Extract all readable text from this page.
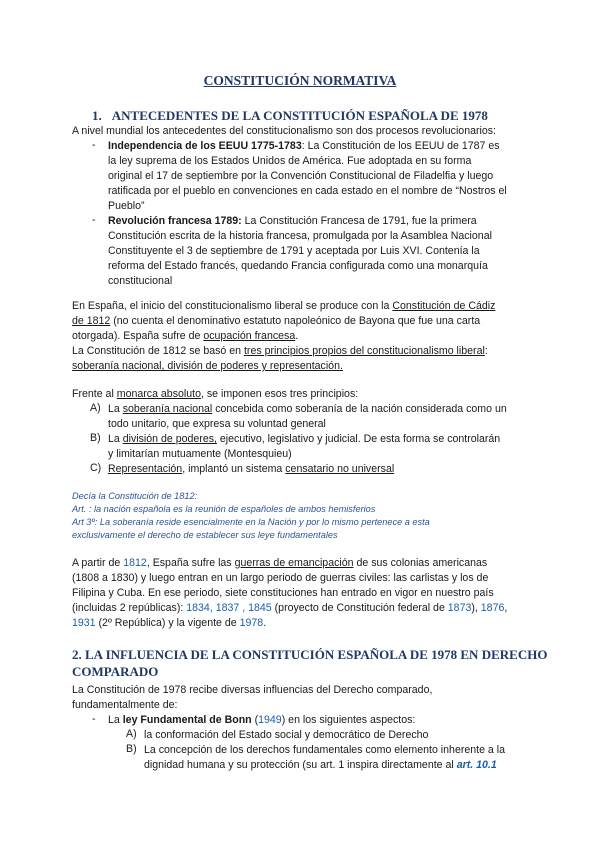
CONSTITUCIÓN NORMATIVA
1. ANTECEDENTES DE LA CONSTITUCIÓN ESPAÑOLA DE 1978
A nivel mundial los antecedentes del constitucionalismo son dos procesos revolucionarios:
- Independencia de los EEUU 1775-1783: La Constitución de los EEUU de 1787 es
la ley suprema de los Estados Unidos de América. Fue adoptada en su forma
original el 17 de septiembre por la Convención Constitucional de Filadelfia y luego
ratificada por el pueblo en convenciones en cada estado en el nombre de “Nostros el
Pueblo”
- Revolución francesa 1789: La Constitución Francesa de 1791, fue la primera
Constitución escrita de la historia francesa, promulgada por la Asamblea Nacional
Constituyente el 3 de septiembre de 1791 y aceptada por Luis XVI. Contenía la
reforma del Estado francés, quedando Francia configurada como una monarquía
constitucional
En España, el inicio del constitucionalismo liberal se produce con la Constitución de Cádiz
de 1812 (no cuenta el denominativo estatuto napoleónico de Bayona que fue una carta
otorgada). España sufre de ocupación francesa.
La Constitución de 1812 se basó en tres principios propios del constitucionalismo liberal:
soberanía nacional, división de poderes y representación.
Frente al monarca absoluto, se imponen esos tres principios:
A) La soberanía nacional concebida como soberanía de la nación considerada como un
todo unitario, que expresa su voluntad general
B) La división de poderes, ejecutivo, legislativo y judicial. De esta forma se controlarán
y limitarían mutuamente (Montesquieu)
C) Representación, implantó un sistema censatario no universal
Decía la Constitución de 1812:
Art. : la nación española es la reunión de españoles de ambos hemisferios
Art 3º: La soberanía reside esencialmente en la Nación y por lo mismo pertenece a esta
exclusivamente el derecho de establecer sus leye fundamentales
A partir de 1812, España sufre las guerras de emancipación de sus colonias americanas
(1808 a 1830) y luego entran en un largo periodo de guerras civiles: las carlistas y los de
Filipina y Cuba. En ese periodo, siete constituciones han entrado en vigor en nuestro país
(incluidas 2 repúblicas): 1834, 1837 , 1845 (proyecto de Constitución federal de 1873), 1876,
1931 (2º República) y la vigente de 1978.
2. LA INFLUENCIA DE LA CONSTITUCIÓN ESPAÑOLA DE 1978 EN DERECHO COMPARADO
La Constitución de 1978 recibe diversas influencias del Derecho comparado,
fundamentalmente de:
- La ley Fundamental de Bonn (1949) en los siguientes aspectos:
A) la conformación del Estado social y democrático de Derecho
B) La concepción de los derechos fundamentales como elemento inherente a la
dignidad humana y su protección (su art. 1 inspira directamente al art. 10.1
